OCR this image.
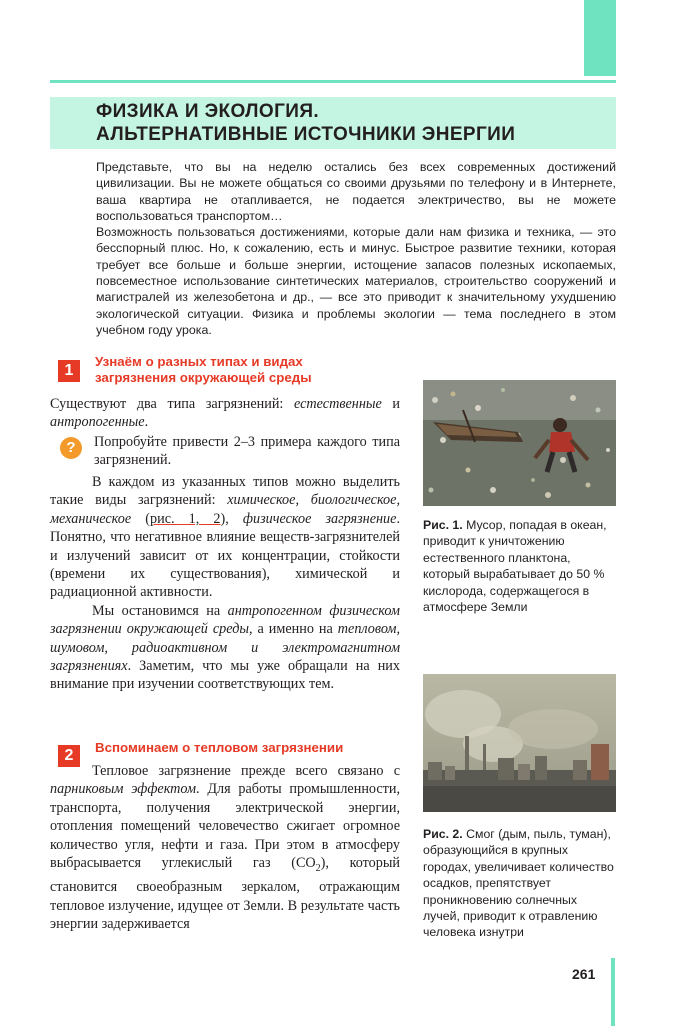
ФИЗИКА И ЭКОЛОГИЯ.
АЛЬТЕРНАТИВНЫЕ ИСТОЧНИКИ ЭНЕРГИИ

Представьте, что вы на неделю остались без всех современных достижений цивилизации. Вы не можете общаться со своими друзьями по телефону и в Интернете, ваша квартира не отапливается, не подается электричество, вы не можете воспользоваться транспортом…

Возможность пользоваться достижениями, которые дали нам физика и техника, — это бесспорный плюс. Но, к сожалению, есть и минус. Быстрое развитие техники, которая требует все больше и больше энергии, истощение запасов полезных ископаемых, повсеместное использование синтетических материалов, строительство сооружений и магистралей из железобетона и др., — все это приводит к значительному ухудшению экологической ситуации. Физика и проблемы экологии — тема последнего в этом учебном году урока.

1
Узнаём о разных типах и видах
загрязнения окружающей среды

Существуют два типа загрязнений: естественные и антропогенные.

?	Попробуйте привести 2–3 примера каждого типа загрязнений.

В каждом из указанных типов можно выделить такие виды загрязнений: химическое, биологическое, механическое (рис. 1, 2), физическое загрязнение. Понятно, что негативное влияние веществ-загрязнителей и излучений зависит от их концентрации, стойкости (времени их существования), химической и радиационной активности.

Мы остановимся на антропогенном физическом загрязнении окружающей среды, а именно на тепловом, шумовом, радиоактивном и электромагнитном загрязнениях. Заметим, что мы уже обращали на них внимание при изучении соответствующих тем.

2	Вспоминаем о тепловом загрязнении

Тепловое загрязнение прежде всего связано с парниковым эффектом. Для работы промышленности, транспорта, получения электрической энергии, отопления помещений человечество сжигает огромное количество угля, нефти и газа. При этом в атмосферу выбрасывается углекислый газ $(CO_2)$, который становится своеобразным зеркалом, отражающим тепловое излучение, идущее от Земли. В результате часть энергии задерживается

Рис. 1. Мусор, попадая в океан, приводит к уничтожению естественного планктона, который вырабатывает до 50 % кислорода, содержащегося в атмосфере Земли
Рис. 2. Смог (дым, пыль, туман), образующийся в крупных городах, увеличивает количество осадков, препятствует проникновению солнечных лучей, приводит к отравлению человека изнутри
261
